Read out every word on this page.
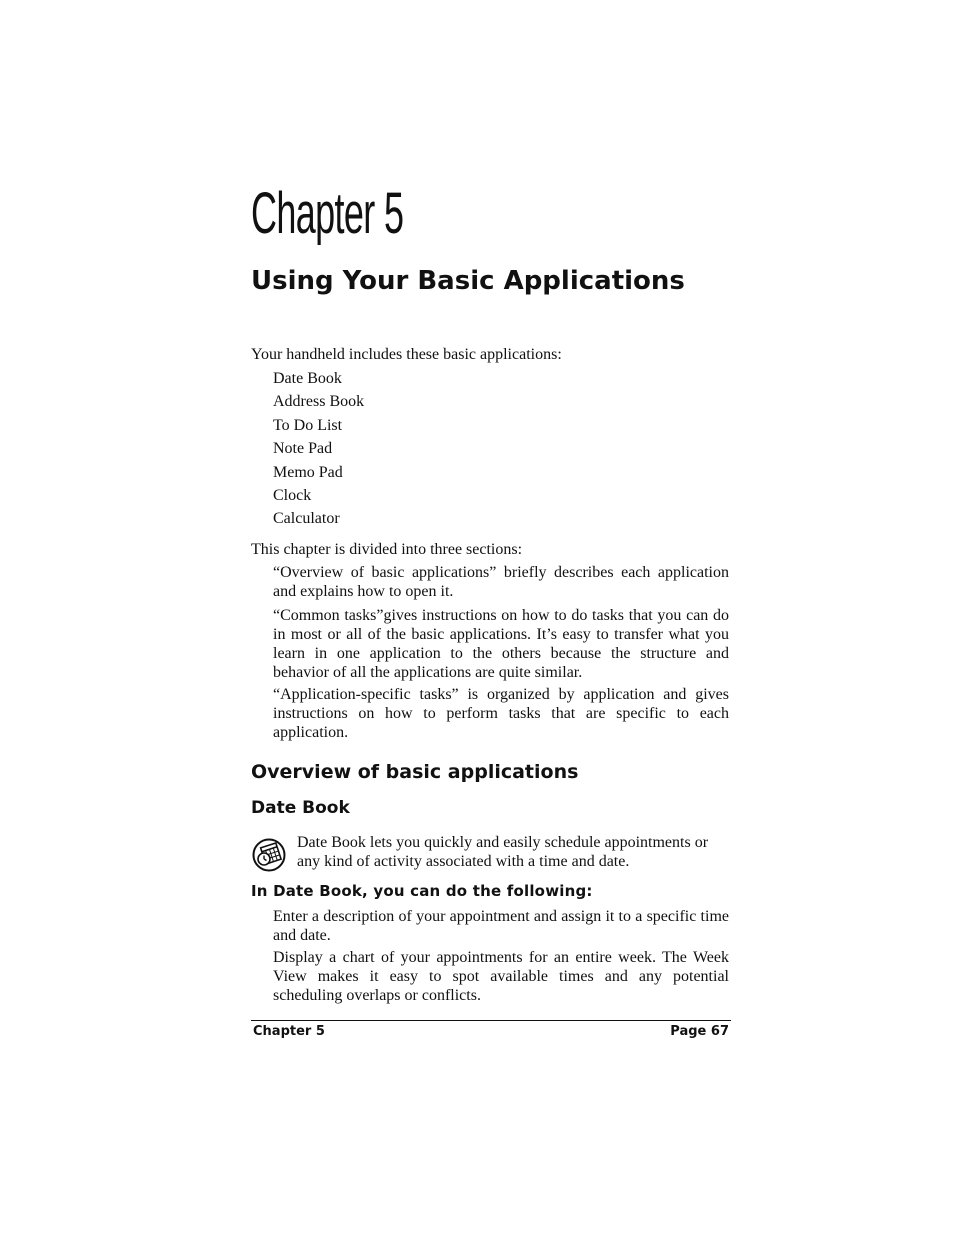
Chapter 5
Using Your Basic Applications
Your handheld includes these basic applications:
Date Book
Address Book
To Do List
Note Pad
Memo Pad
Clock
Calculator
This chapter is divided into three sections:
“Overview of basic applications” briefly describes each application and explains how to open it.
“Common tasks”gives instructions on how to do tasks that you can do in most or all of the basic applications. It’s easy to transfer what you learn in one application to the others because the structure and behavior of all the applications are quite similar.
“Application-specific tasks” is organized by application and gives instructions on how to perform tasks that are specific to each application.
Overview of basic applications
Date Book
Date Book lets you quickly and easily schedule appointments or any kind of activity associated with a time and date.
In Date Book, you can do the following:
Enter a description of your appointment and assign it to a specific time and date.
Display a chart of your appointments for an entire week. The Week View makes it easy to spot available times and any potential scheduling overlaps or conflicts.
Chapter 5	Page 67
